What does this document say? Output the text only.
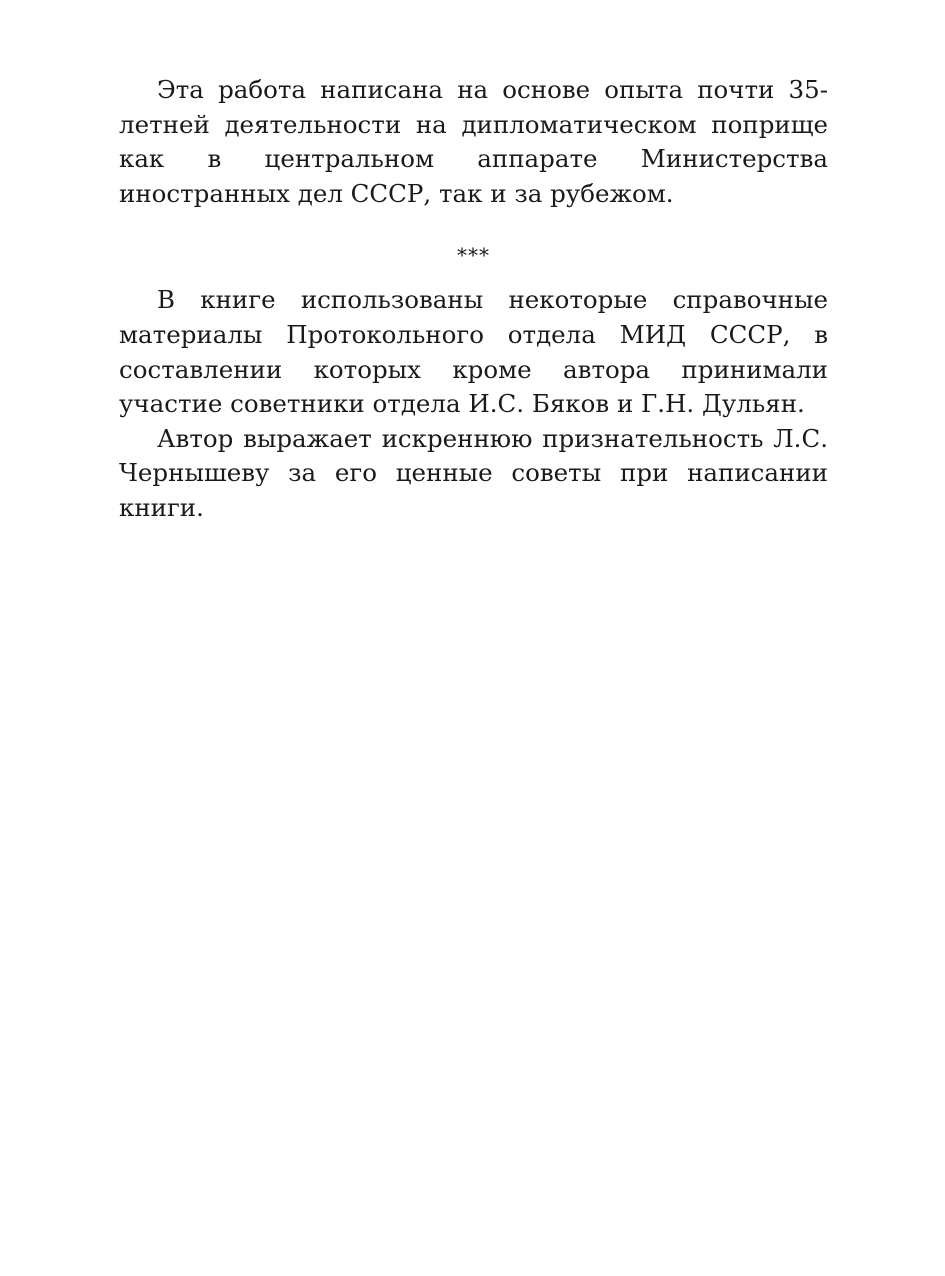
Эта работа написана на основе опыта почти 35-летней деятельности на дипломатическом поприще как в центральном аппарате Министерства иностранных дел СССР, так и за рубежом.

***

В книге использованы некоторые справочные материалы Протокольного отдела МИД СССР, в составлении которых кроме автора принимали участие советники отдела И.С. Бяков и Г.Н. Дульян.

Автор выражает искреннюю признательность Л.С. Чернышеву за его ценные советы при написании книги.
